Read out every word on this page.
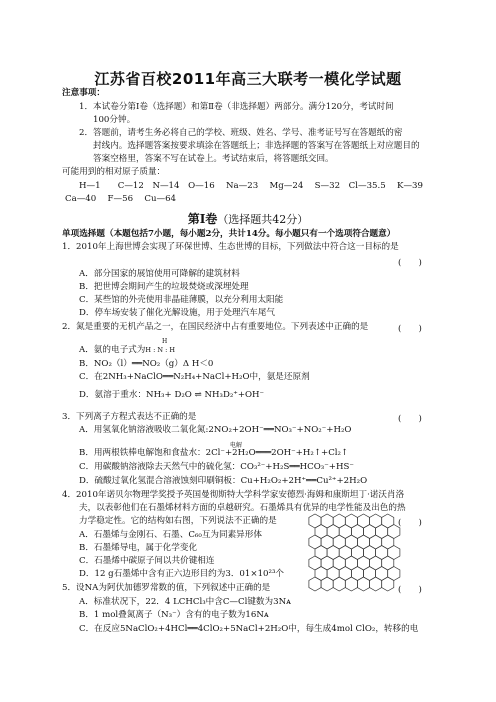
江苏省百校2011年高三大联考一模化学试题
注意事项：
1．本试卷分第Ⅰ卷（选择题）和第Ⅱ卷（非选择题）两部分。满分120分，考试时间
100分钟。
2．答题前，请考生务必将自己的学校、班级、姓名、学号、准考证号写在答题纸的密
封线内。选择题答案按要求填涂在答题纸上；非选择题的答案写在答题纸上对应题目的
答案空格里，答案不写在试卷上。考试结束后，将答题纸交回。
可能用到的相对原子质量：
H—1　　C—12　N—14　O—16　 Na—23　 Mg—24　 S—32　Cl—35.5　 K—39
Ca—40　 F—56　 Cu—64
第Ⅰ卷（选择题共42分）
单项选择题（本题包括7小题，每小题2分，共计14分。每小题只有一个选项符合题意）
1．2010年上海世博会实现了环保世博、生态世博的目标，下列做法中符合这一目标的是
(　　)
A．部分国家的展馆使用可降解的建筑材料
B．把世博会期间产生的垃圾焚烧或深埋处理
C．某些馆的外壳使用非晶硅薄膜，以充分利用太阳能
D．停车场安装了催化光解设施，用于处理汽车尾气
2．氮是重要的无机产品之一，在国民经济中占有重要地位。下列表述中正确的是	(　　)
H
A．氨的电子式为H : N : H
B．NO₂（l）══NO₂（g）Δ H＜0
C．在2NH₃+NaClO══N₂H₄+NaCl+H₂O中，氨是还原剂
D．氨溶于重水：NH₃+ D₂O ⇌ NH₃D₂⁺+OH⁻
3．下列离子方程式表达不正确的是	(　　)
A．用氢氧化钠溶液吸收二氧化氮:2NO₂+2OH⁻══NO₃⁻+NO₂⁻+H₂O
电解
B．用两根铁棒电解饱和食盐水：2Cl⁻+2H₂O═══2OH⁻+H₂↑+Cl₂↑
C．用碳酸钠溶液除去天然气中的硫化氢：CO₃²⁻+H₂S══HCO₃⁻+HS⁻
D．硫酸过氧化氢混合溶液蚀刻印刷铜板：Cu+H₂O₂+2H⁺══Cu²⁺+2H₂O
4．2010年诺贝尔物理学奖授予英国曼彻斯特大学科学家安德烈·海姆和康斯坦丁·诺沃肖洛
夫，以表彰他们在石墨烯材料方面的卓越研究。石墨烯具有优异的电学性能及出色的热
力学稳定性。它的结构如右图，下列说法不正确的是	(　　)
A．石墨烯与金刚石、石墨、C₆₀互为同素异形体
B．石墨烯导电，属于化学变化
C．石墨烯中碳原子间以共价键相连
D．12 g石墨烯中含有正六边形目约为3．01×10²³个
5．设NA为阿伏加德罗常数的值，下列叙述中正确的是	(　　)
A．标准状况下，22．4 LCHCl₃中含C—Cl键数为3Nᴀ
B．1 mol叠氮离子（N₃⁻）含有的电子数为16Nᴀ
C．在反应5NaClO₂+4HCl══4ClO₂+5NaCl+2H₂O中，每生成4mol ClO₂，转移的电
